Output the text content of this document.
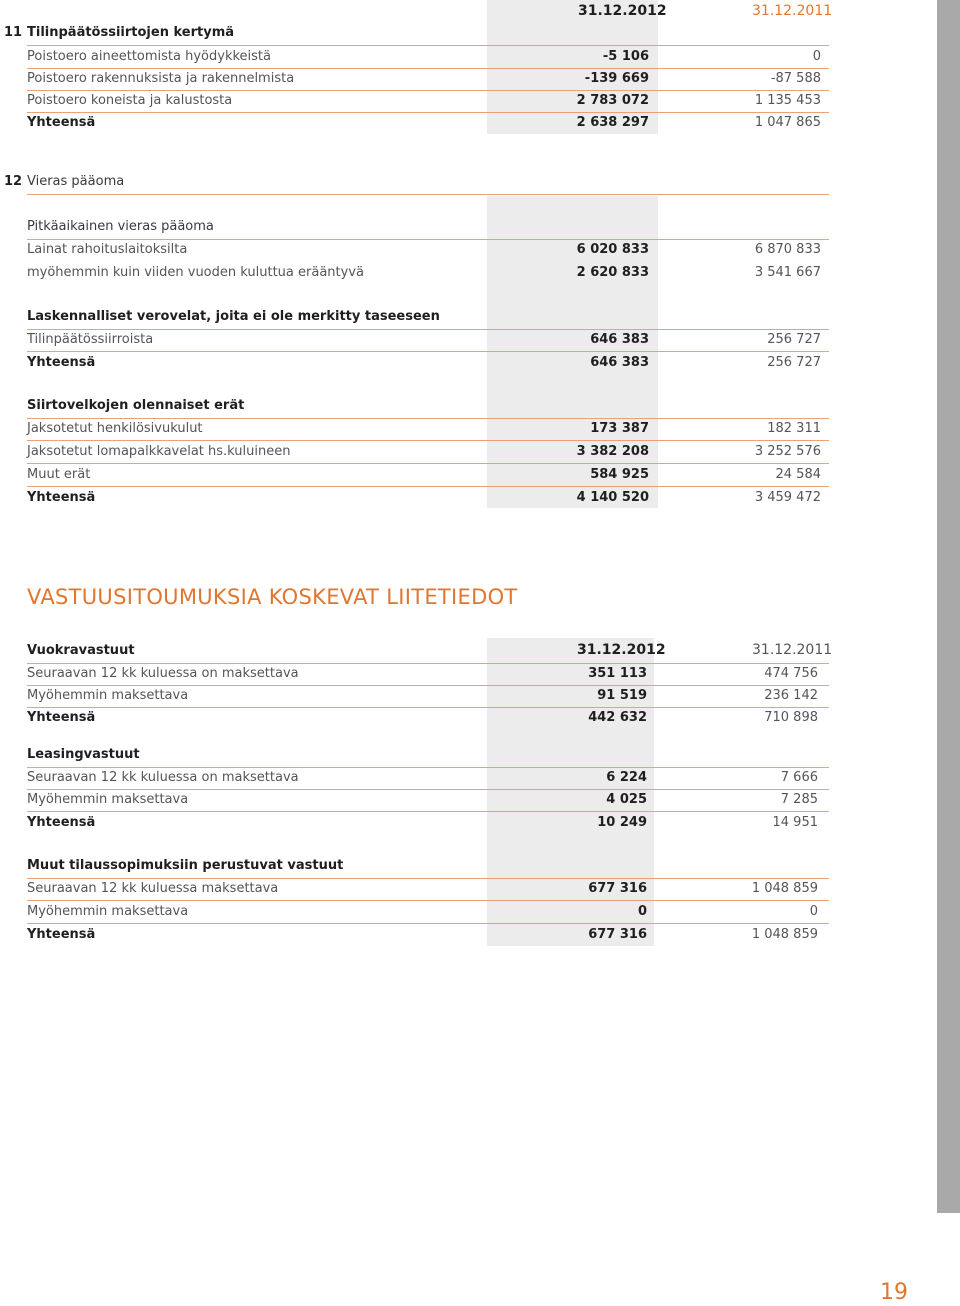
31.12.2012	31.12.2011
11 Tilinpäätössiirtojen kertymä
Poistoero aineettomista hyödykkeistä	-5 106	0
Poistoero rakennuksista ja rakennelmista	-139 669	-87 588
Poistoero koneista ja kalustosta	2 783 072	1 135 453
Yhteensä	2 638 297	1 047 865
12 Vieras pääoma
Pitkäaikainen vieras pääoma
Lainat rahoituslaitoksilta	6 020 833	6 870 833
myöhemmin kuin viiden vuoden kuluttua erääntyvä	2 620 833	3 541 667
Laskennalliset verovelat, joita ei ole merkitty taseeseen
Tilinpäätössiirroista	646 383	256 727
Yhteensä	646 383	256 727
Siirtovelkojen olennaiset erät
Jaksotetut henkilösivukulut	173 387	182 311
Jaksotetut lomapalkkavelat hs.kuluineen	3 382 208	3 252 576
Muut erät	584 925	24 584
Yhteensä	4 140 520	3 459 472
VASTUUSITOUMUKSIA KOSKEVAT LIITETIEDOT
Vuokravastuut	31.12.2012	31.12.2011
Seuraavan 12 kk kuluessa on maksettava	351 113	474 756
Myöhemmin maksettava	91 519	236 142
Yhteensä	442 632	710 898
Leasingvastuut
Seuraavan 12 kk kuluessa on maksettava	6 224	7 666
Myöhemmin maksettava	4 025	7 285
Yhteensä	10 249	14 951
Muut tilaussopimuksiin perustuvat vastuut
Seuraavan 12 kk kuluessa maksettava	677 316	1 048 859
Myöhemmin maksettava	0	0
Yhteensä	677 316	1 048 859
19
